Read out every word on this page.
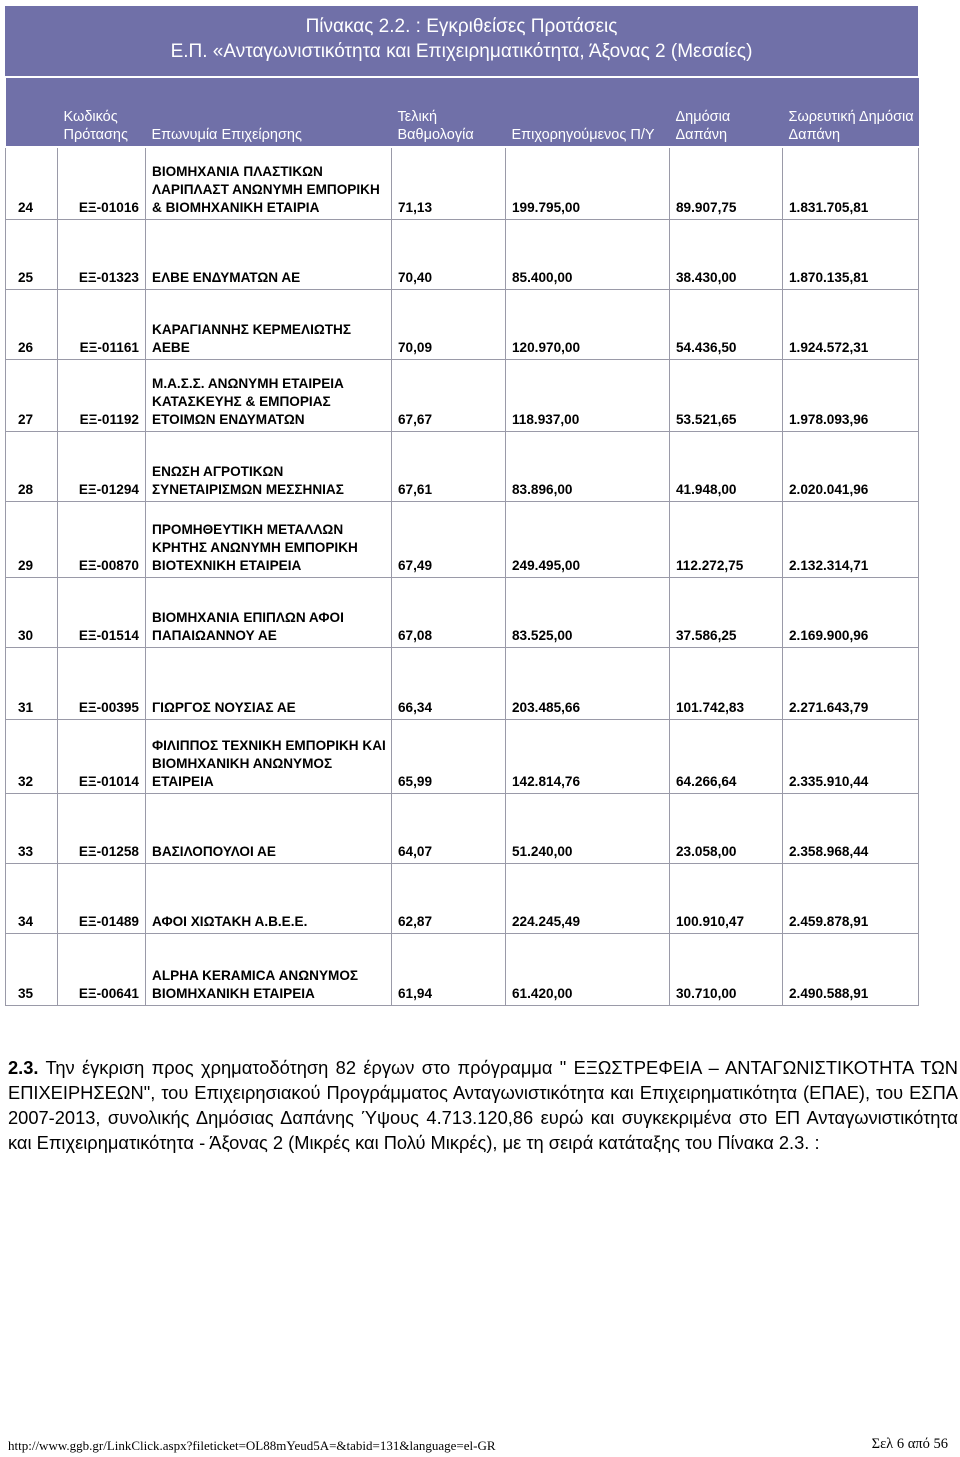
Πίνακας 2.2. : Εγκριθείσες Προτάσεις
Ε.Π. «Ανταγωνιστικότητα και Επιχειρηματικότητα, Άξονας 2 (Μεσαίες)
	Κωδικός Πρότασης	Επωνυμία Επιχείρησης	Τελική Βαθμολογία	Επιχορηγούμενος Π/Υ	Δημόσια Δαπάνη	Σωρευτική Δημόσια Δαπάνη
24	ΕΞ-01016	ΒΙΟΜΗΧΑΝΙΑ ΠΛΑΣΤΙΚΩΝ ΛΑΡΙΠΛΑΣΤ ΑΝΩΝΥΜΗ ΕΜΠΟΡΙΚΗ & ΒΙΟΜΗΧΑΝΙΚΗ ΕΤΑΙΡΙΑ	71,13	199.795,00	89.907,75	1.831.705,81
25	ΕΞ-01323	ΕΛΒΕ ΕΝΔΥΜΑΤΩΝ ΑΕ	70,40	85.400,00	38.430,00	1.870.135,81
26	ΕΞ-01161	ΚΑΡΑΓΙΑΝΝΗΣ ΚΕΡΜΕΛΙΩΤΗΣ ΑΕΒΕ	70,09	120.970,00	54.436,50	1.924.572,31
27	ΕΞ-01192	Μ.Α.Σ.Σ. ΑΝΩΝΥΜΗ ΕΤΑΙΡΕΙΑ ΚΑΤΑΣΚΕΥΗΣ & ΕΜΠΟΡΙΑΣ ΕΤΟΙΜΩΝ ΕΝΔΥΜΑΤΩΝ	67,67	118.937,00	53.521,65	1.978.093,96
28	ΕΞ-01294	ΕΝΩΣΗ ΑΓΡΟΤΙΚΩΝ ΣΥΝΕΤΑΙΡΙΣΜΩΝ ΜΕΣΣΗΝΙΑΣ	67,61	83.896,00	41.948,00	2.020.041,96
29	ΕΞ-00870	ΠΡΟΜΗΘΕΥΤΙΚΗ ΜΕΤΑΛΛΩΝ ΚΡΗΤΗΣ ΑΝΩΝΥΜΗ ΕΜΠΟΡΙΚΗ ΒΙΟΤΕΧΝΙΚΗ ΕΤΑΙΡΕΙΑ	67,49	249.495,00	112.272,75	2.132.314,71
30	ΕΞ-01514	ΒΙΟΜΗΧΑΝΙΑ ΕΠΙΠΛΩΝ ΑΦΟΙ ΠΑΠΑΙΩΑΝΝΟΥ ΑΕ	67,08	83.525,00	37.586,25	2.169.900,96
31	ΕΞ-00395	ΓΙΩΡΓΟΣ ΝΟΥΣΙΑΣ ΑΕ	66,34	203.485,66	101.742,83	2.271.643,79
32	ΕΞ-01014	ΦΙΛΙΠΠΟΣ ΤΕΧΝΙΚΗ ΕΜΠΟΡΙΚΗ ΚΑΙ ΒΙΟΜΗΧΑΝΙΚΗ ΑΝΩΝΥΜΟΣ ΕΤΑΙΡΕΙΑ	65,99	142.814,76	64.266,64	2.335.910,44
33	ΕΞ-01258	ΒΑΣΙΛΟΠΟΥΛΟΙ ΑΕ	64,07	51.240,00	23.058,00	2.358.968,44
34	ΕΞ-01489	ΑΦΟΙ ΧΙΩΤΑΚΗ Α.Β.Ε.Ε.	62,87	224.245,49	100.910,47	2.459.878,91
35	ΕΞ-00641	ALPHA KERAMICA ΑΝΩΝΥΜΟΣ ΒΙΟΜΗΧΑΝΙΚΗ ΕΤΑΙΡΕΙΑ	61,94	61.420,00	30.710,00	2.490.588,91
2.3. Την έγκριση προς χρηματοδότηση 82 έργων στο πρόγραμμα " ΕΞΩΣΤΡΕΦΕΙΑ – ΑΝΤΑΓΩΝΙΣΤΙΚΟΤΗΤΑ ΤΩΝ ΕΠΙΧΕΙΡΗΣΕΩΝ", του Επιχειρησιακού Προγράμματος Ανταγωνιστικότητα και Επιχειρηματικότητα (ΕΠΑΕ), του ΕΣΠΑ 2007-2013, συνολικής Δημόσιας Δαπάνης Ύψους 4.713.120,86 ευρώ και συγκεκριμένα στο ΕΠ Ανταγωνιστικότητα και Επιχειρηματικότητα - Άξονας 2 (Μικρές και Πολύ Μικρές), με τη σειρά κατάταξης του Πίνακα 2.3. :
http://www.ggb.gr/LinkClick.aspx?fileticket=OL88mYeud5A=&tabid=131&language=el-GR	Σελ 6 από 56
